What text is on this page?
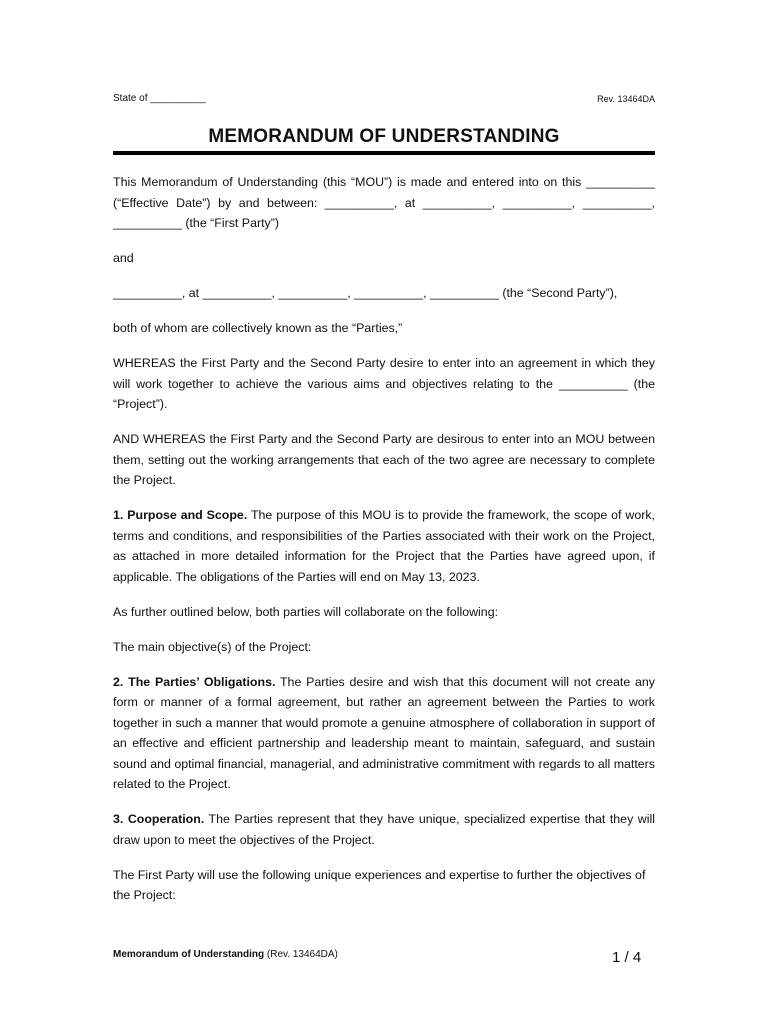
State of __________	Rev. 13464DA
MEMORANDUM OF UNDERSTANDING

This Memorandum of Understanding (this “MOU”) is made and entered into on this __________ (“Effective Date”) by and between: __________, at __________, __________, __________, __________ (the “First Party”)

and

__________, at __________, __________, __________, __________ (the “Second Party”),

both of whom are collectively known as the “Parties,”

WHEREAS the First Party and the Second Party desire to enter into an agreement in which they will work together to achieve the various aims and objectives relating to the __________ (the “Project”).

AND WHEREAS the First Party and the Second Party are desirous to enter into an MOU between them, setting out the working arrangements that each of the two agree are necessary to complete the Project.

1. Purpose and Scope. The purpose of this MOU is to provide the framework, the scope of work, terms and conditions, and responsibilities of the Parties associated with their work on the Project, as attached in more detailed information for the Project that the Parties have agreed upon, if applicable. The obligations of the Parties will end on May 13, 2023.

As further outlined below, both parties will collaborate on the following:

The main objective(s) of the Project:

2. The Parties’ Obligations. The Parties desire and wish that this document will not create any form or manner of a formal agreement, but rather an agreement between the Parties to work together in such a manner that would promote a genuine atmosphere of collaboration in support of an effective and efficient partnership and leadership meant to maintain, safeguard, and sustain sound and optimal financial, managerial, and administrative commitment with regards to all matters related to the Project.

3. Cooperation. The Parties represent that they have unique, specialized expertise that they will draw upon to meet the objectives of the Project.

The First Party will use the following unique experiences and expertise to further the objectives of the Project:

Memorandum of Understanding (Rev. 13464DA)	1 / 4
